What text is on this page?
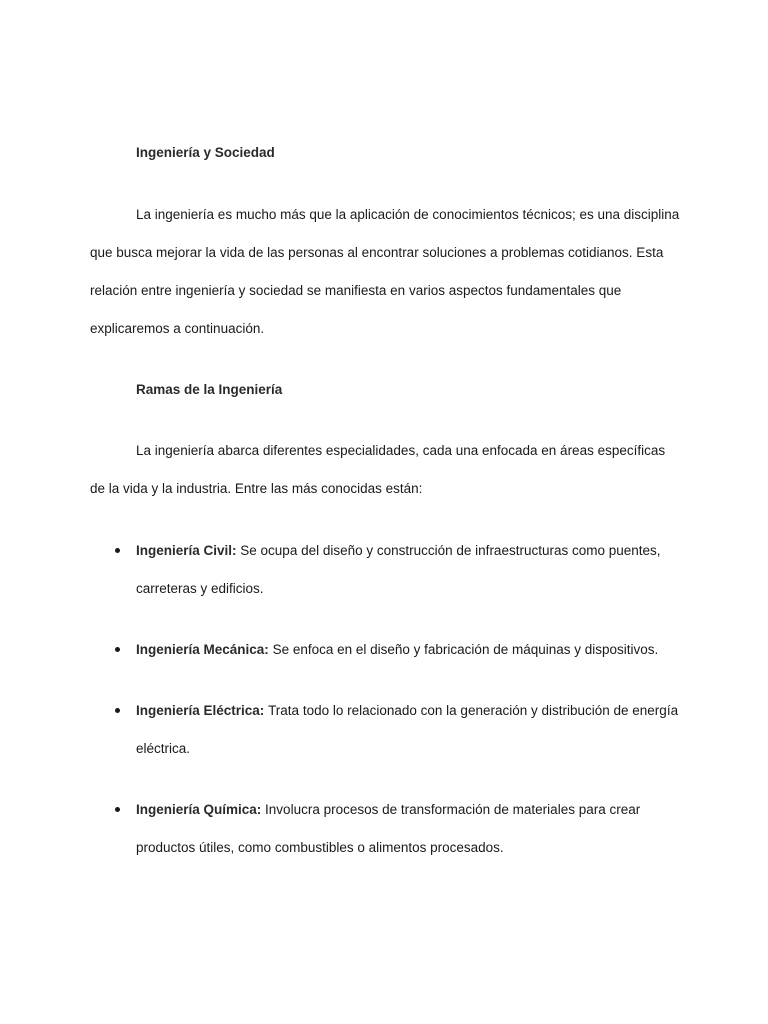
Ingeniería y Sociedad

La ingeniería es mucho más que la aplicación de conocimientos técnicos; es una disciplina que busca mejorar la vida de las personas al encontrar soluciones a problemas cotidianos. Esta relación entre ingeniería y sociedad se manifiesta en varios aspectos fundamentales que explicaremos a continuación.

Ramas de la Ingeniería

La ingeniería abarca diferentes especialidades, cada una enfocada en áreas específicas de la vida y la industria. Entre las más conocidas están:

Ingeniería Civil: Se ocupa del diseño y construcción de infraestructuras como puentes, carreteras y edificios.
Ingeniería Mecánica: Se enfoca en el diseño y fabricación de máquinas y dispositivos.
Ingeniería Eléctrica: Trata todo lo relacionado con la generación y distribución de energía eléctrica.
Ingeniería Química: Involucra procesos de transformación de materiales para crear productos útiles, como combustibles o alimentos procesados.
